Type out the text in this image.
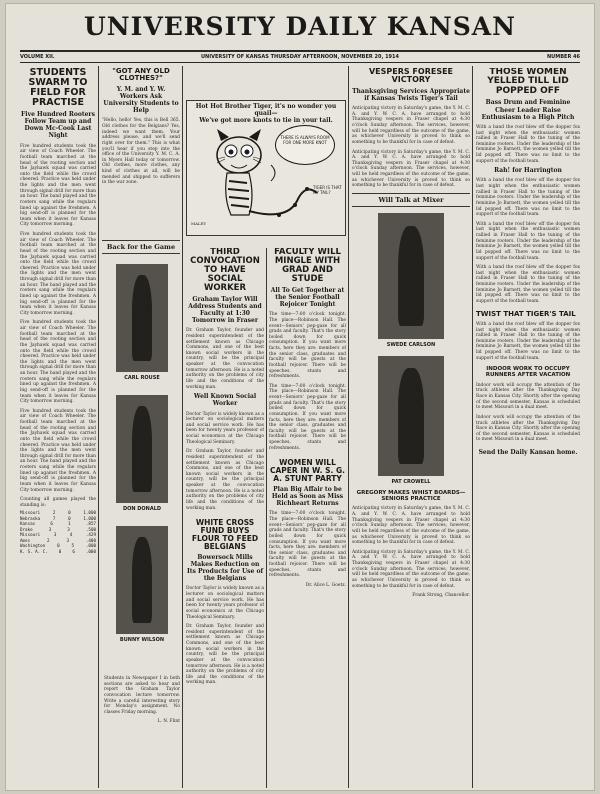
UNIVERSITY DAILY KANSAN
VOLUME XII.	UNIVERSITY OF KANSAS THURSDAY AFTERNOON, NOVEMBER 20, 1914	NUMBER 46
STUDENTS SWARM TO FIELD FOR PRACTISE
Five Hundred Rooters Follow Team up and Down Mc-Cook Last Night
Five hundred students took the air view of Coach Wheeler. The football team marched at the head of the rooting section and the Jayhawk squad was carried onto the field while the crowd cheered. Practice was held under the lights and the men went through signal drill for more than an hour. The band played and the rooters sang while the regulars lined up against the freshmen. A big send-off is planned for the team when it leaves for Kansas City tomorrow morning.
Five hundred students took the air view of Coach Wheeler. The football team marched at the head of the rooting section and the Jayhawk squad was carried onto the field while the crowd cheered. Practice was held under the lights and the men went through signal drill for more than an hour. The band played and the rooters sang while the regulars lined up against the freshmen. A big send-off is planned for the team when it leaves for Kansas City tomorrow morning.
Five hundred students took the air view of Coach Wheeler. The football team marched at the head of the rooting section and the Jayhawk squad was carried onto the field while the crowd cheered. Practice was held under the lights and the men went through signal drill for more than an hour. The band played and the rooters sang while the regulars lined up against the freshmen. A big send-off is planned for the team when it leaves for Kansas City tomorrow morning.
Five hundred students took the air view of Coach Wheeler. The football team marched at the head of the rooting section and the Jayhawk squad was carried onto the field while the crowd cheered. Practice was held under the lights and the men went through signal drill for more than an hour. The band played and the rooters sang while the regulars lined up against the freshmen. A big send-off is planned for the team when it leaves for Kansas City tomorrow morning.
Counting all games played the standing is:
Missouri	2	0	1.000
Nebraska	7	0	1.000
Kansas	6	1	.857
Drake	3	3	.500
Missouri	3	4	.429
Ames	2	3	.400
Washington	0	5	.000
K. S. A. C.	0	6	.000
"GOT ANY OLD CLOTHES?"
Y. M. and Y. W. Workers Ask University Students to Help
"Hello, hello! Yes, this is Bell 365. Old clothes for the Belgians? Yes, indeed we want them. Your address please, and we'll send right over for them." This is what you'll hear if you step into the office of the University Y. M. C. A. in Myers Hall today or tomorrow. Old clothes, more clothes, any kind of clothes at all, will be mended and shipped to sufferers in the war zone.
Hot Hot Brother Tiger, it's no wonder you quail—
We've got more knots to tie in your tail.
THERE IS ALWAYS ROOM FOR ONE MORE KNOT
TIGER IS THAT MY TAIL?
MALEY
Back for the Game
CARL ROUSE
DON DONALD
BUNNY WILSON
Students in Newspaper I in both sections are asked to hear and report the Graham Taylor convocation lecture tomorrow. Write a careful interesting story for Monday's assignment. No classes Friday morning.
L. N. Flint
THIRD CONVOCATION TO HAVE SOCIAL WORKER
Graham Taylor Will Address Students and Faculty at 1:30 Tomorrow in Fraser
Dr. Graham Taylor, founder and resident superintendent of the settlement known as Chicago Commons, and one of the best known social workers in the country, will be the principal speaker at the convocation tomorrow afternoon. He is a noted authority on the problems of city life and the conditions of the working man.
Well Known Social Worker
Doctor Taylor is widely known as a lecturer on sociological matters and social service work. He has been for twenty years professor of social economics at the Chicago Theological Seminary.
Dr. Graham Taylor, founder and resident superintendent of the settlement known as Chicago Commons, and one of the best known social workers in the country, will be the principal speaker at the convocation tomorrow afternoon. He is a noted authority on the problems of city life and the conditions of the working man.
WHITE CROSS FUND BUYS FLOUR TO FEED BELGIANS
Bowersock Mills Makes Reduction on Its Products for Use of the Belgians
Doctor Taylor is widely known as a lecturer on sociological matters and social service work. He has been for twenty years professor of social economics at the Chicago Theological Seminary.
Dr. Graham Taylor, founder and resident superintendent of the settlement known as Chicago Commons, and one of the best known social workers in the country, will be the principal speaker at the convocation tomorrow afternoon. He is a noted authority on the problems of city life and the conditions of the working man.
FACULTY WILL MINGLE WITH GRAD AND STUDE
All To Get Together at the Senior Football Rejoicer Tonight
The time—7:00 o'clock tonight. The place—Robinson Hall. The event—Seniors' pep-gaze for all grads and faculty. That's the story boiled down for quick consumption. If you want more facts, here they are: members of the senior class, graduates and faculty will be guests at the football rejoicer. There will be speeches, stunts and refreshments.
The time—7:00 o'clock tonight. The place—Robinson Hall. The event—Seniors' pep-gaze for all grads and faculty. That's the story boiled down for quick consumption. If you want more facts, here they are: members of the senior class, graduates and faculty will be guests at the football rejoicer. There will be speeches, stunts and refreshments.
WOMEN WILL CAPER IN W. S. G. A. STUNT PARTY
Plan Big Affair to be Held as Soon as Miss Richheart Returns
The time—7:00 o'clock tonight. The place—Robinson Hall. The event—Seniors' pep-gaze for all grads and faculty. That's the story boiled down for quick consumption. If you want more facts, here they are: members of the senior class, graduates and faculty will be guests at the football rejoicer. There will be speeches, stunts and refreshments.
Dr. Alice L. Goetz.
VESPERS FORESEE VICTORY
Thanksgiving Services Appropriate if Kansas Twists Tiger's Tail
Anticipating victory in Saturday's game, the Y. M. C. A. and Y. W. C. A. have arranged to hold Thanksgiving vespers in Fraser chapel at 4:30 o'clock Sunday afternoon. The services, however, will be held regardless of the outcome of the game, as whichever University is proved to think so something to be thankful for in case of defeat.
Anticipating victory in Saturday's game, the Y. M. C. A. and Y. W. C. A. have arranged to hold Thanksgiving vespers in Fraser chapel at 4:30 o'clock Sunday afternoon. The services, however, will be held regardless of the outcome of the game, as whichever University is proved to think so something to be thankful for in case of defeat.
Will Talk at Mixer
SWEDE CARLSON
PAT CROWELL
GREGORY MAKES WHIST BOARDS—SENIORS PRACTICE
Anticipating victory in Saturday's game, the Y. M. C. A. and Y. W. C. A. have arranged to hold Thanksgiving vespers in Fraser chapel at 4:30 o'clock Sunday afternoon. The services, however, will be held regardless of the outcome of the game, as whichever University is proved to think so something to be thankful for in case of defeat.
Anticipating victory in Saturday's game, the Y. M. C. A. and Y. W. C. A. have arranged to hold Thanksgiving vespers in Fraser chapel at 4:30 o'clock Sunday afternoon. The services, however, will be held regardless of the outcome of the game, as whichever University is proved to think so something to be thankful for in case of defeat.
Frank Strong, Chancellor.
THOSE WOMEN YELLED TILL LID POPPED OFF
Bass Drum and Feminine Cheer Leader Raise Enthusiasm to a High Pitch
With a band the roof blew off the dopper fox last night when the enthusiastic women rallied in Fraser Hall to the tuning of the feminine rooters. Under the leadership of the feminine Jo Barnett, the women yelled till the lid popped off. There was no limit to the support of the football team.
Rah! for Harrington
With a band the roof blew off the dopper fox last night when the enthusiastic women rallied in Fraser Hall to the tuning of the feminine rooters. Under the leadership of the feminine Jo Barnett, the women yelled till the lid popped off. There was no limit to the support of the football team.
With a band the roof blew off the dopper fox last night when the enthusiastic women rallied in Fraser Hall to the tuning of the feminine rooters. Under the leadership of the feminine Jo Barnett, the women yelled till the lid popped off. There was no limit to the support of the football team.
With a band the roof blew off the dopper fox last night when the enthusiastic women rallied in Fraser Hall to the tuning of the feminine rooters. Under the leadership of the feminine Jo Barnett, the women yelled till the lid popped off. There was no limit to the support of the football team.
TWIST THAT TIGER'S TAIL
With a band the roof blew off the dopper fox last night when the enthusiastic women rallied in Fraser Hall to the tuning of the feminine rooters. Under the leadership of the feminine Jo Barnett, the women yelled till the lid popped off. There was no limit to the support of the football team.
INDOOR WORK TO OCCUPY RUNNERS AFTER VACATION
Indoor work will occupy the attention of the track athletes after the Thanksgiving Day Race in Kansas City. Shortly after the opening of the second semester, Kansas is scheduled to meet Missouri in a dual meet.
Indoor work will occupy the attention of the track athletes after the Thanksgiving Day Race in Kansas City. Shortly after the opening of the second semester, Kansas is scheduled to meet Missouri in a dual meet.
Send the Daily Kansan home.
